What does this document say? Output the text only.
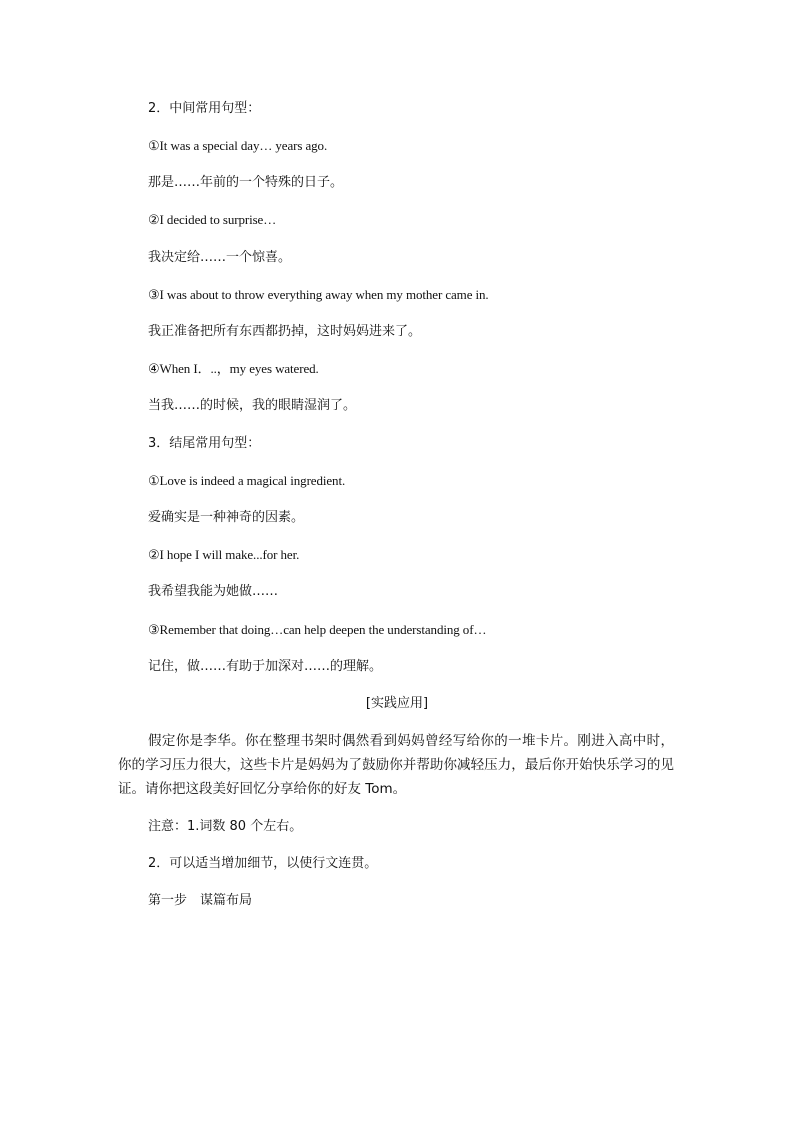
2．中间常用句型：
①It was a special day… years ago.
那是……年前的一个特殊的日子。
②I decided to surprise…
我决定给……一个惊喜。
③I was about to throw everything away when my mother came in.
我正准备把所有东西都扔掉，这时妈妈进来了。
④When I．..，my eyes watered.
当我……的时候，我的眼睛湿润了。
3．结尾常用句型：
①Love is indeed a magical ingredient.
爱确实是一种神奇的因素。
②I hope I will make...for her.
我希望我能为她做……
③Remember that doing…can help deepen the understanding of…
记住，做……有助于加深对……的理解。
[实践应用]
假定你是李华。你在整理书架时偶然看到妈妈曾经写给你的一堆卡片。刚进入高中时，你的学习压力很大，这些卡片是妈妈为了鼓励你并帮助你减轻压力，最后你开始快乐学习的见证。请你把这段美好回忆分享给你的好友 Tom。
注意：1.词数 80 个左右。
2．可以适当增加细节，以使行文连贯。
第一步　谋篇布局
